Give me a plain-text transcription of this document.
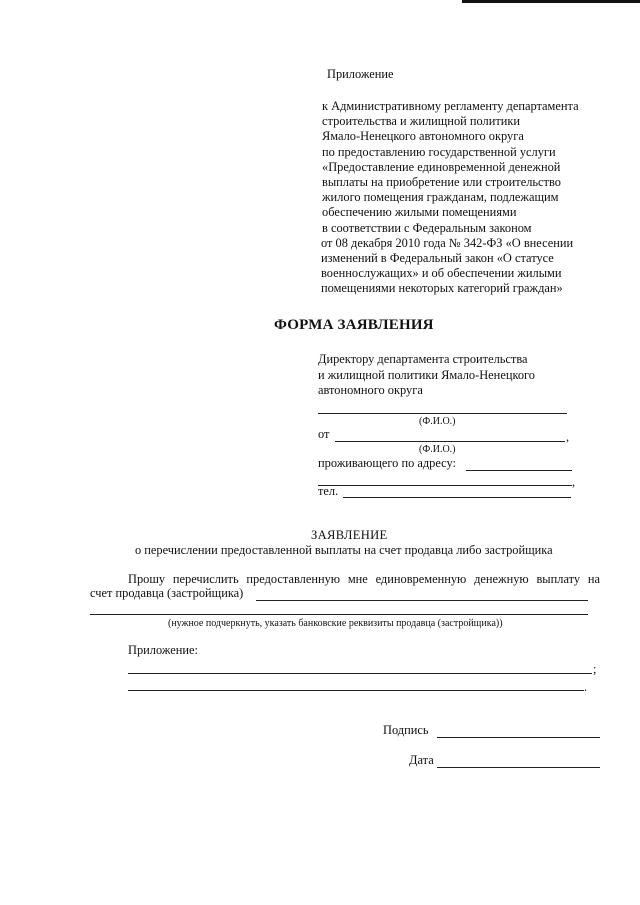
Приложение
к Административному регламенту департамента
строительства и жилищной политики
Ямало-Ненецкого автономного округа
по предоставлению государственной услуги
«Предоставление единовременной денежной
выплаты на приобретение или строительство
жилого помещения гражданам, подлежащим
обеспечению жилыми помещениями
в соответствии с Федеральным законом
от 08 декабря 2010 года № 342-ФЗ «О внесении
изменений в Федеральный закон «О статусе
военнослужащих» и об обеспечении жилыми
помещениями некоторых категорий граждан»
ФОРМА ЗАЯВЛЕНИЯ
Директору департамента строительства
и жилищной политики Ямало-Ненецкого
автономного округа
(Ф.И.О.)
от	,
(Ф.И.О.)
проживающего по адресу:
,
тел.
ЗАЯВЛЕНИЕ
о перечислении предоставленной выплаты на счет продавца либо застройщика
Прошу перечислить предоставленную мне единовременную денежную выплату на
счет продавца (застройщика)
(нужное подчеркнуть, указать банковские реквизиты продавца (застройщика))
Приложение:
;
.
Подпись
Дата
